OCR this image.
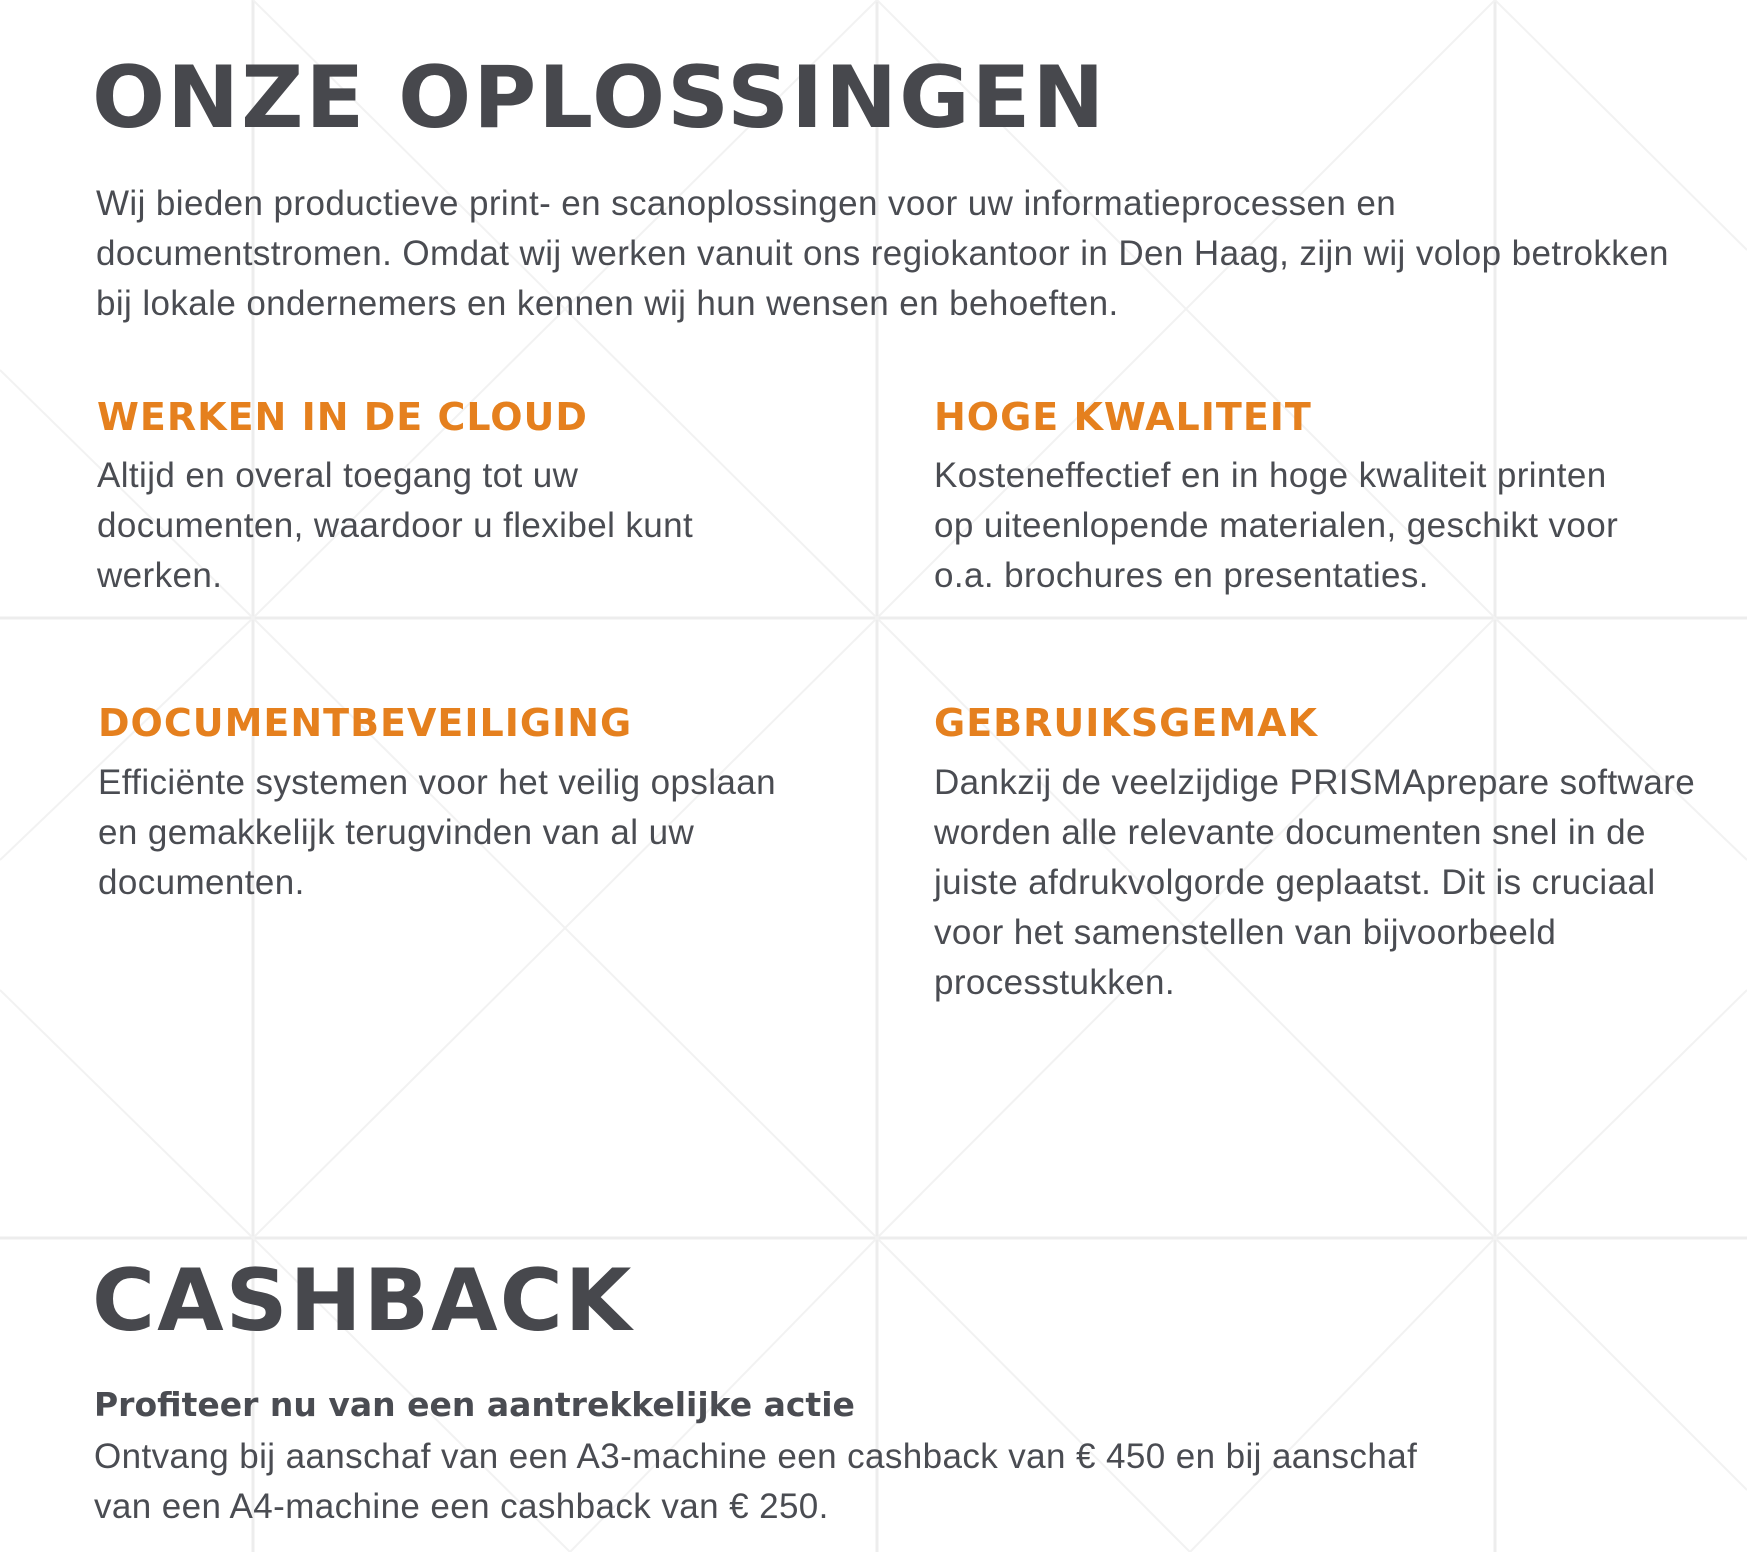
ONZE OPLOSSINGEN

Wij bieden productieve print- en scanoplossingen voor uw informatieprocessen en documentstromen. Omdat wij werken vanuit ons regiokantoor in Den Haag, zijn wij volop betrokken bij lokale ondernemers en kennen wij hun wensen en behoeften.

WERKEN IN DE CLOUD

Altijd en overal toegang tot uw documenten, waardoor u flexibel kunt werken.

HOGE KWALITEIT

Kosteneffectief en in hoge kwaliteit printen op uiteenlopende materialen, geschikt voor o.a. brochures en presentaties.

DOCUMENTBEVEILIGING

Efficiënte systemen voor het veilig opslaan en gemakkelijk terugvinden van al uw documenten.

GEBRUIKSGEMAK

Dankzij de veelzijdige PRISMAprepare software worden alle relevante documenten snel in de juiste afdrukvolgorde geplaatst. Dit is cruciaal voor het samenstellen van bijvoorbeeld processtukken.

CASHBACK

Profiteer nu van een aantrekkelijke actie

Ontvang bij aanschaf van een A3-machine een cashback van € 450 en bij aanschaf van een A4-machine een cashback van € 250.
